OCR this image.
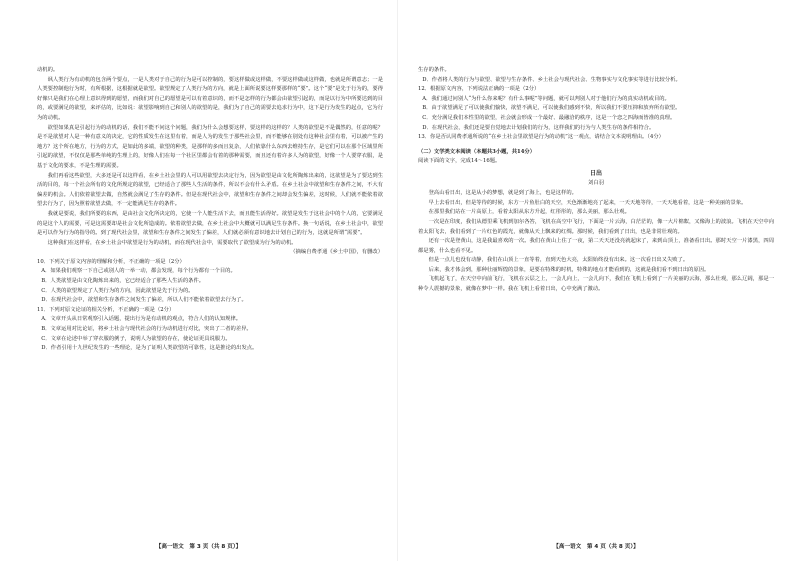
动机的。

讽人类行为有动机的包含两个要点，一是人类对于自己的行为是可以控制的，要这样做或这样做，不要这样做或这样做，也就是所谓意志；一是人类要控制他行为时，有所根据，这根据就是欲望。欲望规定了人类行为的方向，就是上面所说要这样要那样的“要”。这个“要”是先于行为的，要得好像只是我们在心理上意识得到的愿望，而我们对自己的愿望是可以有着意识的，而不是怎样的行为都会由欲望引起的，而是以行为中所要达到的目的，或要满足的欲望，来评估的，比如说：欲望影响到自己和别人的欲望的是，我们为了自己的需要去追求行为中，这下是行为发生的起点，它为行为的动机。

欲望如果真是引起行为的动机的话，我们不能不问这个问题，我们为什么会想要这样，要这样的这样的？人类的欲望是不是偶然的，任意的呢？是不是欲望对人是一种有意义的决定，它的性质发生在这里有着，而是人为的发生于那些社会里，而不能够在别处有这种社会里有着，可以被产生的地方？这个所在地方，行为的方式，是如此的多端，欲望的种类，是那样的多而且复杂，人们依靠什么东西去维持生存，是它们可以在那个区域里所引起的欲望，不仅仅是那些单纯的生理上的，好像人们在每一个社区里都会有着的那种需要，而且还有着许多人为的欲望，好像一个人要穿衣服，是基于文化的要求，不是生理的需要。

我们再看这些欲望，大多还是可以这样看，在乡土社会里的人可以用欲望去决定行为，因为欲望是由文化所陶炼出来的，这欲望是为了要达到生活的目的，每一个社会所有的文化所规定的欲望，已经适合了那些人生活的条件，所以不会有什么矛盾。在乡土社会中欲望和生存条件之间，不大有偏差的机会。人们依着欲望去做，自然就会满足了生存的条件。但是在现代社会中，欲望和生存条件之间却会发生偏差，这时候，人们就不能依着欲望去行为了，因为照着欲望去做，不一定能满足生存的条件。

我就是要说，我们所要的东西，是由社会文化所决定的，它使一个人能生活下去，而且能生活得好。欲望是发生于这社会中的个人的，它要满足的是这个人的需要，可是这需要却是社会文化所造成的。依着欲望去做，在乡土社会中大概就可以满足生存条件。换一句话说，在乡土社会中，欲望是可以作为行为的指导的。到了现代社会里，欲望和生存条件之间发生了偏差，人们就必须有意识地去计划自己的行为，这就是所谓“需要”。

这种我们在这样看，在乡土社会中欲望是行为的动机，而在现代社会中，需要取代了欲望成为行为的动机。

（摘编自费孝通《乡土中国》，有删改）

10．下列关于原文内容的理解和分析，不正确的一项是（2分）

A．如果我们观察一下自己或别人的一举一动，都会发现，每个行为都有一个目的。

B．人类欲望是由文化陶炼出来的，它已经适合了那些人生活的条件。

C．人类的欲望规定了人类行为的方向，因此欲望是先于行为的。

D．在现代社会中，欲望和生存条件之间发生了偏差，所以人们不能依着欲望去行为了。

11．下列对原文论证的相关分析，不正确的一项是（2分）

A．文章开头从日常观察引入话题，提出行为是有动机的观点，符合人们的认知规律。

B．文章运用对比论证，将乡土社会与现代社会的行为动机进行对比，突出了二者的差异。

C．文章在论述中举了穿衣服的例子，说明人为欲望的存在，使论证更具说服力。

D．作者引用十九世纪发生的一些理论，是为了证明人类欲望的可靠性，这是推论的出发点。

【高一语文　第 3 页（共 8 页）】

生存的条件。

D．作者将人类的行为与欲望、欲望与生存条件、乡土社会与现代社会、生物事实与文化事实等进行比较分析。

12．根据原文内容，下列说法正确的一项是（2分）

A．我们通过问别人“为什么你来呢？有什么事呢”等问题，就可以判别人对于他们行为的真实动机或目的。

B．由于欲望满足了可以使我们愉快，欲望不满足，可以使我们感到不快，所以我们不要压抑和放弃所有欲望。

C．充分满足我们本性里的欲望，社会就会形成一个最好、最融洽的秩序，这是一个恋之四海而皆准的真理。

D．在现代社会，我们还是要自觉地去计划我们的行为，这样我们的行为与人类生存的条件相符合。

13．你是否认同费孝通所说的“在乡土社会里欲望是行为的动机”这一观点，请结合文本说明理由。（4分）

（二）文学类文本阅读（本题共3小题，共14分）

阅读下面的文字，完成14～16题。

日出
刘白羽

登高山看日出，这是从小的梦想，就是到了海上，也是这样的。

早上去看日出，但是等待的时候，东方一片鱼肚白的天空，天色渐渐地亮了起来，一天天地等待，一天天地看着，这是一种美丽的景象。

在那里我们站在一片高原上，看着太阳从东方升起，红彤彤的，那么美丽，那么壮观。

一次是在印度，我们从德里乘飞机到加尔各答，飞机在高空中飞行，下面是一片云海，白茫茫的，像一大片棉絮，又像海上的波浪。飞机在天空中向着太阳飞去，我们看到了一片红色的霞光，就像从天上飘来的红绸。那时候，我们看到了日出，也是非常壮观的。

还有一次是登黄山，这是我最喜欢的一次。我们在黄山上住了一夜，第二天天还没亮就起床了，来到山顶上，准备看日出。那时天空一片漆黑，四周都是雾，什么也看不见。

但是一点儿也没有动静，我们在山顶上一直等着，直到天色大亮，太阳始终没有出来。这一次看日出又失败了。

后来，我才体会到，那种壮丽辉煌的景象，是要在特殊的时机，特殊的地点才能看到的，这就是我们看不到日出的原因。

飞机起飞了，在天空中向前飞行，飞机在云层之上，一会儿向上，一会儿向下，我们在飞机上看到了一片美丽的云海，那么壮观，那么辽阔，那是一种令人震撼的景象，就像在梦中一样。我在飞机上看着日出，心中充满了激动。

【高一语文　第 4 页（共 8 页）】
